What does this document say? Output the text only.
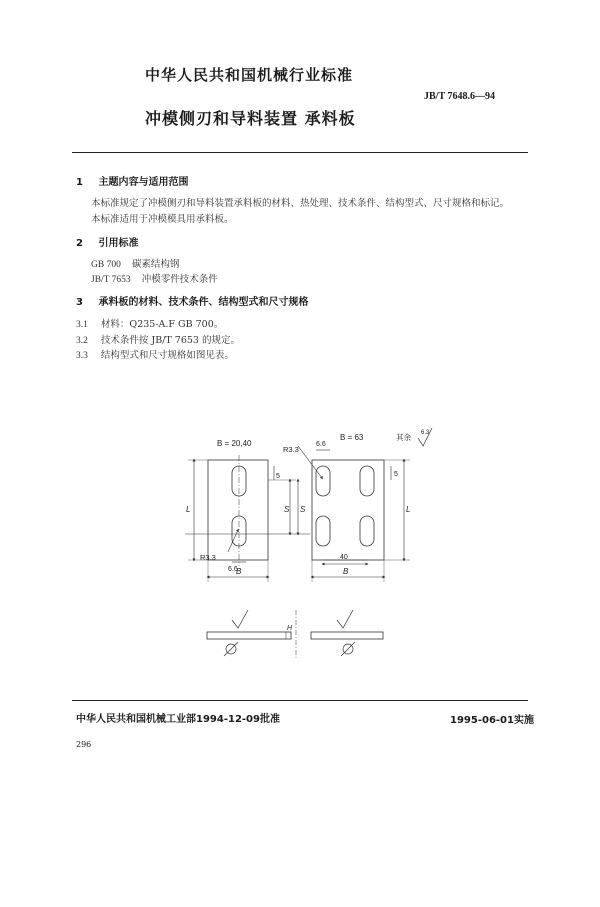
中华人民共和国机械行业标准
JB/T 7648.6—94
冲模侧刃和导料装置 承料板
1 主题内容与适用范围
本标准规定了冲模侧刃和导料装置承料板的材料、热处理、技术条件、结构型式、尺寸规格和标记。
本标准适用于冲模模具用承料板。
2 引用标准
GB 700 碳素结构钢
JB/T 7653 冲模零件技术条件
3 承料板的材料、技术条件、结构型式和尺寸规格
3.1 材料：Q235-A.F GB 700。
3.2 技术条件按 JB/T 7653 的规定。
3.3 结构型式和尺寸规格如图见表。
B = 20,40
B = 63	其余 6.3
R3.3
6.6
R3.3
6.6
5	5
S S
L	L
B	B
40
H
中华人民共和国机械工业部1994-12-09批准	1995-06-01实施
296
